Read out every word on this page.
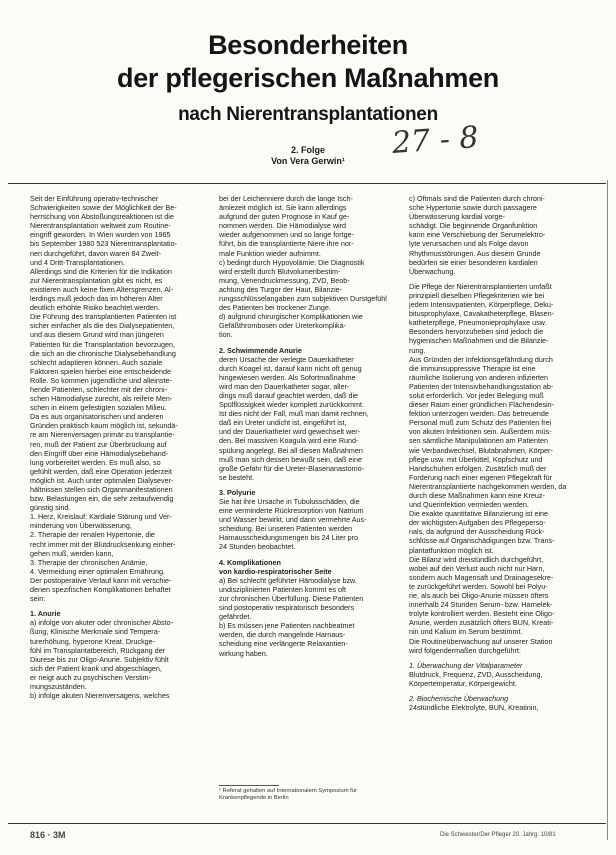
Besonderheiten
der pflegerischen Maßnahmen
nach Nierentransplantationen
2. Folge
Von Vera Gerwin¹
27 - 8

Seit der Einführung operativ-technischer

Schwierigkeiten sowie der Möglichkeit der Be-

herrschung von Abstoßungsreaktionen ist die

Nierentransplantation weltweit zum Routine-

eingriff geworden. In Wien wurden von 1965

bis September 1980 523 Nierentransplantatio-

nen durchgeführt, davon waren 84 Zweit-

und 4 Dritt-Transplantationen.

Allerdings sind die Kriterien für die Indikation

zur Nierentransplantation gibt es nicht, es

existieren auch keine fixen Altersgrenzen. Al-

lerdings muß jedoch das im höheren Alter

deutlich erhöhte Risiko beachtet werden.

Die Führung des transplantierten Patienten ist

sicher einfacher als die des Dialysepatienten,

und aus diesem Grund wird man jüngeren

Patienten für die Transplantation bevorzugen,

die sich an die chronische Dialysebehandlung

schlecht adaptieren können. Auch soziale

Faktoren spielen hierbei eine entscheidende

Rolle. So kommen jugendliche und alleinste-

hende Patienten, schlechter mit der chroni-

schen Hämodialyse zurecht, als reifere Men-

schen in einem gefestigten sozialen Milieu.

Da es aus organisatorischen und anderen

Gründen praktisch kaum möglich ist, sekundä-

re am Nierenversagen primär zu transplantie-

ren, muß der Patient zur Überbrückung auf

den Eingriff über eine Hämodialysebehand-

lung vorbereitet werden. Es muß also, so

gefühlt werden, daß eine Operation jederzeit

möglich ist. Auch unter optimalen Dialysever-

hältnissen stellen sich Organmanifestationen

bzw. Belastungen ein, die sehr zeitaufwendig

günstig sind.

1. Herz, Kreislauf: Kardiale Störung und Ver-

minderung von Überwässerung,

2. Therapie der renalen Hypertonie, die

recht immer mit der Blutdrucksenkung einher-

gehen muß, werden kann,

3. Therapie der chronischen Anämie,

4. Vermeidung einer optimalen Ernährung.

Der postoperative Verlauf kann mit verschie-

denen spezifischen Komplikationen behaftet

sein:

1. Anurie

a) infolge von akuter oder chronischer Absto-

ßung, Klinische Merkmale sind Tempera-

turerhöhung, hyperone Kreat. Druckge-

fühl im Transplantatbereich, Rückgang der

Diurese bis zur Oligo-Anurie. Subjektiv fühlt

sich der Patient krank und abgeschlagen,

er neigt auch zu psychischen Verstim-

mungszuständen.

b) infolge akuten Nierenversagens, welches

bei der Leichenniere durch die lange Isch-

ämiezeit möglich ist. Sie kann allerdings

aufgrund der guten Prognose in Kauf ge-

nommen werden. Die Hämodialyse wird

wieder aufgenommen und so lange fortge-

führt, bis die transplantierte Niere ihre nor-

male Funktion wieder aufnimmt.

c) bedingt durch Hypovolämie: Die Diagnostik

wird erstellt durch Blutvolumenbestim-

mung, Venendruckmessung, ZVD, Beob-

achtung des Turgor der Haut, Bilanzie-

rungsschlüsselangaben zum subjektiven Durstgefühl

des Patienten bei trockener Zunge.

d) aufgrund chirurgischer Komplikationen wie

Gefäßthrombosen oder Ureterkomplika-

tion.

2. Schwimmende Anurie

deren Ursache der verlegte Dauerkatheter

durch Koagel ist, darauf kann nicht oft genug

hingewiesen werden. Als Sofortmaßnahme

wird man den Dauerkatheter sogar, aller-

dings muß darauf geachtet werden, daß die

Spülflüssigkeit wieder komplett zurückkommt.

Ist dies nicht der Fall, muß man damit rechnen,

daß ein Ureter undicht ist, eingeführt ist,

und der Dauerkatheter wird gewechselt wer-

den. Bei massiven Koagula wird eine Rund-

spülung angelegt. Bei all diesen Maßnahmen

muß man sich dessen bewußt sein, daß eine

große Gefahr für die Ureter-Blasenanastomo-

se besteht.

3. Polyurie

Sie hat ihre Ursache in Tubulusschäden, die

eine verminderte Rückresorption von Natrium

und Wasser bewirkt, und dann vermehrte Aus-

scheidung. Bei unseren Patienten werden

Harnausscheidungsmengen bis 24 Liter pro

24 Stunden beobachtet.

4. Komplikationen

von kardio-respiratorischer Seite

a) Bei schlecht geführter Hämodialyse bzw.

undisziplinierten Patienten kommt es oft

zur chronischen Überfüllung. Diese Patienten

sind postoperativ respiratorisch besonders

gefährdet.

b) Es müssen jene Patienten nachbeatmet

werden, die durch mangelnde Harnaus-

scheidung eine verlängerte Relaxantien-

wirkung haben.

c) Oftmals sind die Patienten durch chroni-

sche Hypertonie sowie durch passagere

Überwässerung kardial vorge-

schädigt. Die beginnende Organfunktion

kann eine Verschiebung der Serumelektro-

lyte verursachen und als Folge davon

Rhythmusstörungen. Aus diesem Grunde

bedürfen sie einer besonderen kardialen

Überwachung.

Die Pflege der Nierentransplantierten umfaßt

prinzipiell dieselben Pflegekriterien wie bei

jedem Intensivpatienten, Körperpflege, Deku-

bitusprophylaxe, Cavakatheterpflege, Blasen-

katheterpflege, Pneumonieprophylaxe usw.

Besonders hervorzuheben sind jedoch die

hygienischen Maßnahmen und die Bilanzie-

rung.

Aus Gründen der Infektionsgefährdung durch

die immunsuppressive Therapie ist eine

räumliche Isolierung von anderen infizierten

Patienten der Intensivbehandlungsstation ab-

solut erforderlich. Vor jeder Belegung muß

dieser Raum einer gründlichen Flächendesin-

fektion unterzogen werden. Das betreuende

Personal muß zum Schutz des Patienten frei

von akuten Infektionen sein. Außerdem müs-

sen sämtliche Manipulationen am Patienten

wie Verbandwechsel, Blutabnahmen, Körper-

pflege usw. mit Überkittel, Kopfschutz und

Handschuhen erfolgen. Zusätzlich muß der

Forderung nach einer eigenen Pflegekraft für

Nierentransplantierte nachgekommen werden, da

durch diese Maßnahmen kann eine Kreuz-

und Querinfektion vermieden werden.

Die exakte quantitative Bilanzierung ist eine

der wichtigsten Aufgaben des Pflegeperso-

nals, da aufgrund der Ausscheidung Rück-

schlüsse auf Organschädigungen bzw. Trans-

plantatfunktion möglich ist.

Die Bilanz wird dreistündlich durchgeführt,

wobei auf den Verlust auch nicht nur Harn,

sondern auch Magensaft und Drainagesekre-

te zurückgeführt werden. Sowohl bei Polyu-

rie, als auch bei Oligo-Anurie müssen öfters

innerhalb 24 Stunden Serum- bzw. Harnelek-

trolyte kontrolliert werden. Besteht eine Oligo-

Anurie, werden zusätzlich öfters BUN, Kreati-

nin und Kalium im Serum bestimmt.

Die Routineüberwachung auf unserer Station

wird folgendermaßen durchgeführt:

1. Überwachung der Vitalparameter

Blutdruck, Frequenz, ZVD, Ausscheidung,

Körpertemperatur, Körpergewicht.

2. Biochemische Überwachung

24stündliche Elektrolyte, BUN, Kreatinin,

¹ Referat gehalten auf Internationalem Symposium für Krankenpflegende in Berlin
816 · 3M	Die Schwester/Der Pfleger 20. Jahrg. 10/81
